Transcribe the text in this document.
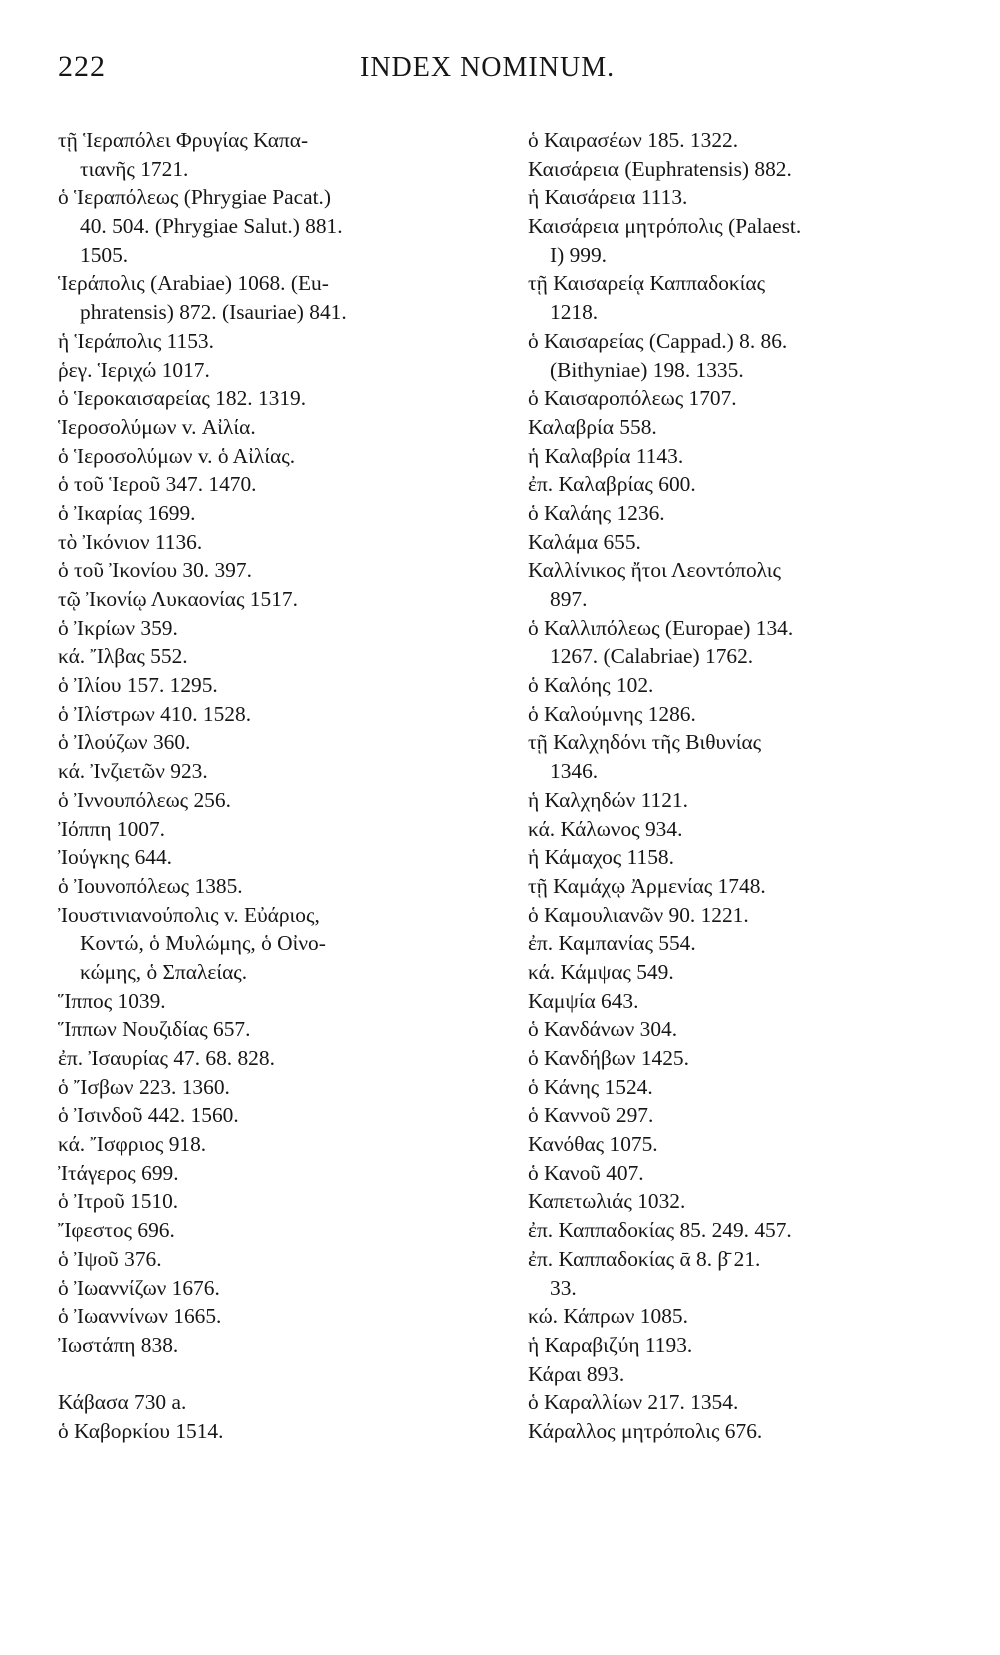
222	INDEX NOMINUM.
τῇ Ἱεραπόλει Φρυγίας Καπα-
τιανῆς 1721.
ὁ Ἱεραπόλεως (Phrygiae Pacat.)
40. 504. (Phrygiae Salut.) 881.
1505.
Ἱεράπολις (Arabiae) 1068. (Eu-
phratensis) 872. (Isauriae) 841.
ἡ Ἱεράπολις 1153.
ῥεγ. Ἱεριχώ 1017.
ὁ Ἱεροκαισαρείας 182. 1319.
Ἱεροσολύμων v. Αἰλία.
ὁ Ἱεροσολύμων v. ὁ Αἰλίας.
ὁ τοῦ Ἱεροῦ 347. 1470.
ὁ Ἰκαρίας 1699.
τὸ Ἰκόνιον 1136.
ὁ τοῦ Ἰκονίου 30. 397.
τῷ Ἰκονίῳ Λυκαονίας 1517.
ὁ Ἰκρίων 359.
κά. Ἴλβας 552.
ὁ Ἰλίου 157. 1295.
ὁ Ἰλίστρων 410. 1528.
ὁ Ἰλούζων 360.
κά. Ἰνζιετῶν 923.
ὁ Ἰννουπόλεως 256.
Ἰόππη 1007.
Ἰούγκης 644.
ὁ Ἰουνοπόλεως 1385.
Ἰουστινιανούπολις v. Εὐάριος,
Κοντώ, ὁ Μυλώμης, ὁ Οἰνο-
κώμης, ὁ Σπαλείας.
Ἵππος 1039.
Ἵππων Νουζιδίας 657.
ἐπ. Ἰσαυρίας 47. 68. 828.
ὁ Ἴσβων 223. 1360.
ὁ Ἰσινδοῦ 442. 1560.
κά. Ἴσφριος 918.
Ἰτάγερος 699.
ὁ Ἰτροῦ 1510.
Ἴφεστος 696.
ὁ Ἰψοῦ 376.
ὁ Ἰωαννίζων 1676.
ὁ Ἰωαννίνων 1665.
Ἰωστάπη 838.
Κάβασα 730 a.
ὁ Καβορκίου 1514.
ὁ Καιρασέων 185. 1322.
Καισάρεια (Euphratensis) 882.
ἡ Καισάρεια 1113.
Καισάρεια μητρόπολις (Palaest.
I) 999.
τῇ Καισαρείᾳ Καππαδοκίας
1218.
ὁ Καισαρείας (Cappad.) 8. 86.
(Bithyniae) 198. 1335.
ὁ Καισαροπόλεως 1707.
Καλαβρία 558.
ἡ Καλαβρία 1143.
ἐπ. Καλαβρίας 600.
ὁ Καλάης 1236.
Καλάμα 655.
Καλλίνικος ἤτοι Λεοντόπολις
897.
ὁ Καλλιπόλεως (Europae) 134.
1267. (Calabriae) 1762.
ὁ Καλόης 102.
ὁ Καλούμνης 1286.
τῇ Καλχηδόνι τῆς Βιθυνίας
1346.
ἡ Καλχηδών 1121.
κά. Κάλωνος 934.
ἡ Κάμαχος 1158.
τῇ Καμάχῳ Ἀρμενίας 1748.
ὁ Καμουλιανῶν 90. 1221.
ἐπ. Καμπανίας 554.
κά. Κάμψας 549.
Καμψία 643.
ὁ Κανδάνων 304.
ὁ Κανδήβων 1425.
ὁ Κάνης 1524.
ὁ Καννοῦ 297.
Κανόθας 1075.
ὁ Κανοῦ 407.
Καπετωλιάς 1032.
ἐπ. Καππαδοκίας 85. 249. 457.
ἐπ. Καππαδοκίας ᾱ 8. β̄ 21.
33.
κώ. Κάπρων 1085.
ἡ Καραβιζύη 1193.
Κάραι 893.
ὁ Καραλλίων 217. 1354.
Κάραλλος μητρόπολις 676.
